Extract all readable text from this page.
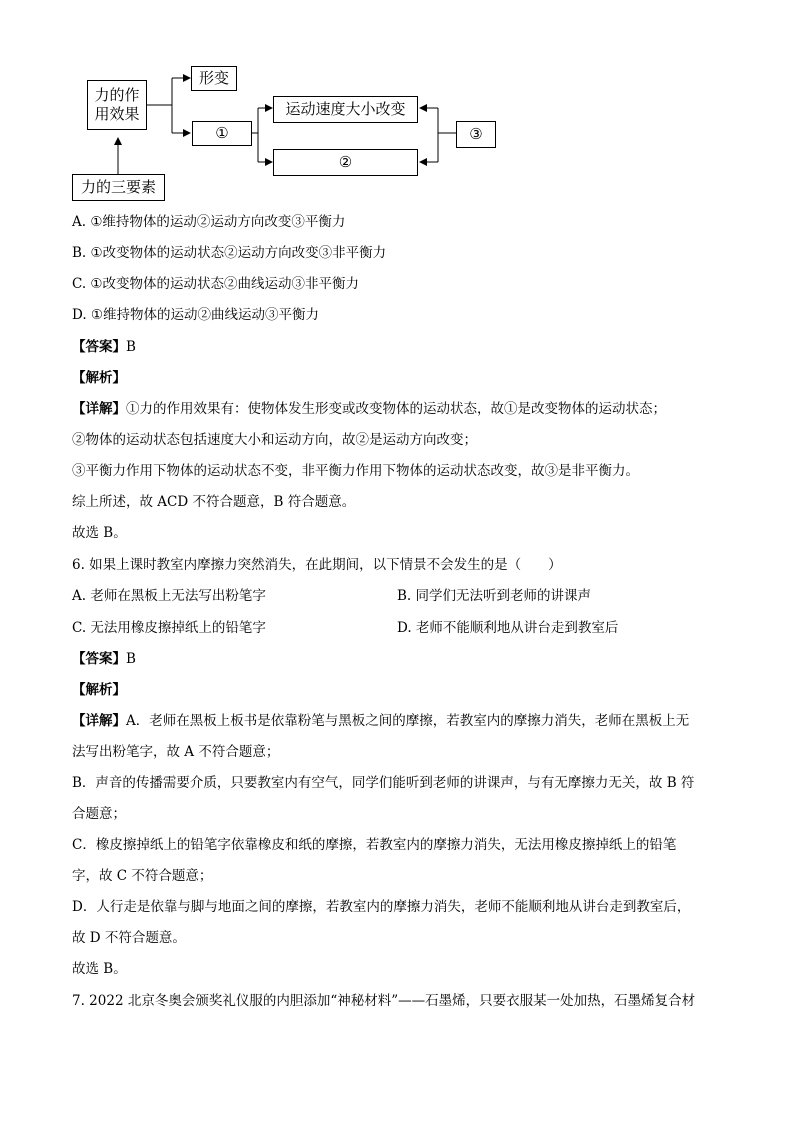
力的作用效果
形变
①
运动速度大小改变
②
③
力的三要素
A. ①维持物体的运动②运动方向改变③平衡力
B. ①改变物体的运动状态②运动方向改变③非平衡力
C. ①改变物体的运动状态②曲线运动③非平衡力
D. ①维持物体的运动②曲线运动③平衡力
【答案】B
【解析】
【详解】①力的作用效果有：使物体发生形变或改变物体的运动状态，故①是改变物体的运动状态；
②物体的运动状态包括速度大小和运动方向，故②是运动方向改变；
③平衡力作用下物体的运动状态不变，非平衡力作用下物体的运动状态改变，故③是非平衡力。
综上所述，故 ACD 不符合题意，B 符合题意。
故选 B。
6. 如果上课时教室内摩擦力突然消失，在此期间，以下情景不会发生的是（　　）
A. 老师在黑板上无法写出粉笔字	B. 同学们无法听到老师的讲课声
C. 无法用橡皮擦掉纸上的铅笔字	D. 老师不能顺利地从讲台走到教室后
【答案】B
【解析】
【详解】A．老师在黑板上板书是依靠粉笔与黑板之间的摩擦，若教室内的摩擦力消失，老师在黑板上无
法写出粉笔字，故 A 不符合题意；
B．声音的传播需要介质，只要教室内有空气，同学们能听到老师的讲课声，与有无摩擦力无关，故 B 符
合题意；
C．橡皮擦掉纸上的铅笔字依靠橡皮和纸的摩擦，若教室内的摩擦力消失，无法用橡皮擦掉纸上的铅笔
字，故 C 不符合题意；
D．人行走是依靠与脚与地面之间的摩擦，若教室内的摩擦力消失，老师不能顺利地从讲台走到教室后，
故 D 不符合题意。
故选 B。
7. 2022 北京冬奥会颁奖礼仪服的内胆添加“神秘材料”——石墨烯，只要衣服某一处加热，石墨烯复合材
